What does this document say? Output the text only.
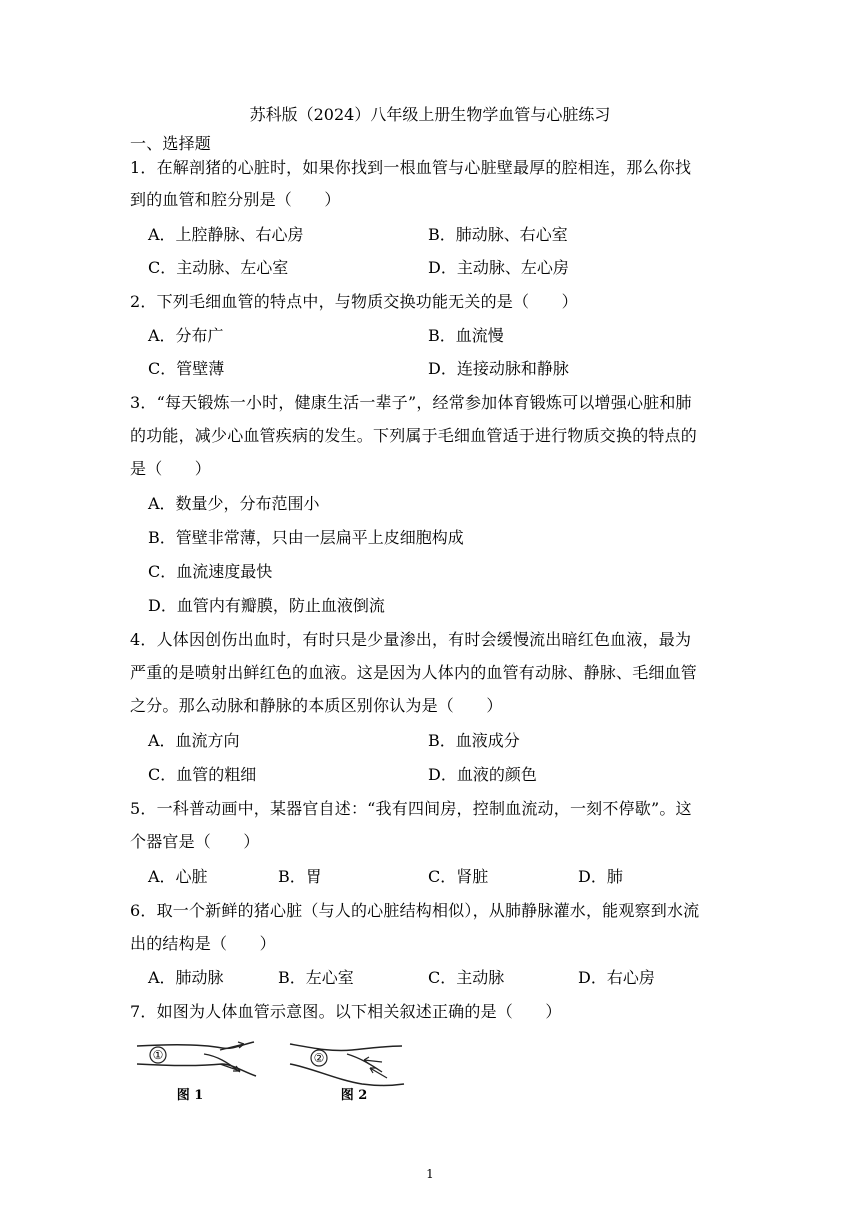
苏科版（2024）八年级上册生物学血管与心脏练习
一、选择题
1．在解剖猪的心脏时，如果你找到一根血管与心脏壁最厚的腔相连，那么你找
到的血管和腔分别是（　　）
A．上腔静脉、右心房	B．肺动脉、右心室
C．主动脉、左心室	D．主动脉、左心房
2．下列毛细血管的特点中，与物质交换功能无关的是（　　）
A．分布广	B．血流慢
C．管壁薄	D．连接动脉和静脉
3．“每天锻炼一小时，健康生活一辈子”，经常参加体育锻炼可以增强心脏和肺
的功能，减少心血管疾病的发生。下列属于毛细血管适于进行物质交换的特点的
是（　　）
A．数量少，分布范围小
B．管壁非常薄，只由一层扁平上皮细胞构成
C．血流速度最快
D．血管内有瓣膜，防止血液倒流
4．人体因创伤出血时，有时只是少量渗出，有时会缓慢流出暗红色血液，最为
严重的是喷射出鲜红色的血液。这是因为人体内的血管有动脉、静脉、毛细血管
之分。那么动脉和静脉的本质区别你认为是（　　）
A．血流方向	B．血液成分
C．血管的粗细	D．血液的颜色
5．一科普动画中，某器官自述：“我有四间房，控制血流动，一刻不停歇”。这
个器官是（　　）
A．心脏	B．胃	C．肾脏	D．肺
6．取一个新鲜的猪心脏（与人的心脏结构相似），从肺静脉灌水，能观察到水流
出的结构是（　　）
A．肺动脉	B．左心室	C．主动脉	D．右心房
7．如图为人体血管示意图。以下相关叙述正确的是（　　）
①
图 1
②
图 2
1
